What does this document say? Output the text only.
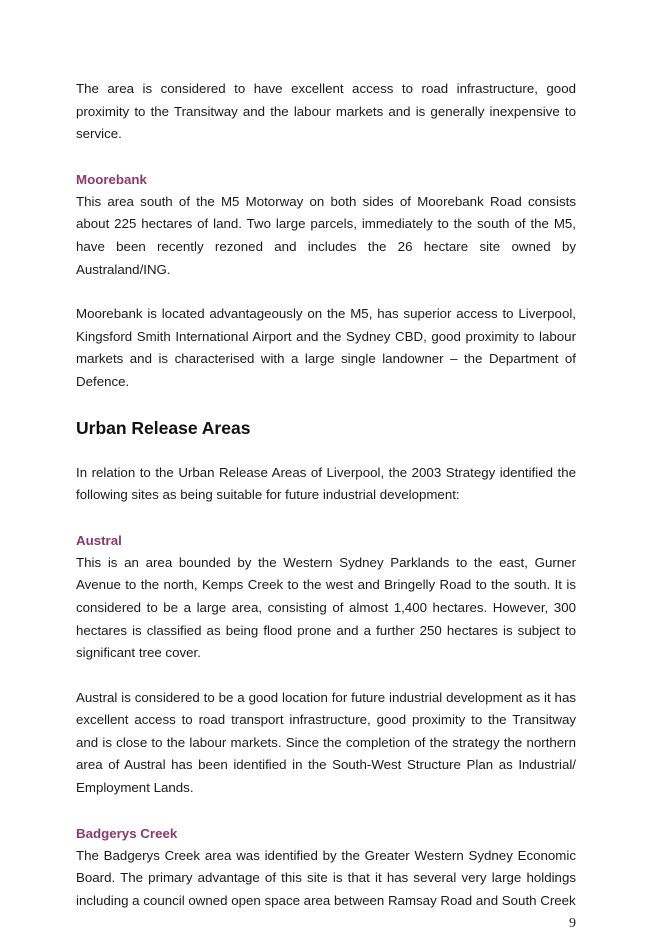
The area is considered to have excellent access to road infrastructure, good proximity to the Transitway and the labour markets and is generally inexpensive to service.

Moorebank

This area south of the M5 Motorway on both sides of Moorebank Road consists about 225 hectares of land. Two large parcels, immediately to the south of the M5, have been recently rezoned and includes the 26 hectare site owned by Australand/ING.

Moorebank is located advantageously on the M5, has superior access to Liverpool, Kingsford Smith International Airport and the Sydney CBD, good proximity to labour markets and is characterised with a large single landowner – the Department of Defence.

Urban Release Areas

In relation to the Urban Release Areas of Liverpool, the 2003 Strategy identified the following sites as being suitable for future industrial development:

Austral

This is an area bounded by the Western Sydney Parklands to the east, Gurner Avenue to the north, Kemps Creek to the west and Bringelly Road to the south. It is considered to be a large area, consisting of almost 1,400 hectares. However, 300 hectares is classified as being flood prone and a further 250 hectares is subject to significant tree cover.

Austral is considered to be a good location for future industrial development as it has excellent access to road transport infrastructure, good proximity to the Transitway and is close to the labour markets. Since the completion of the strategy the northern area of Austral has been identified in the South-West Structure Plan as Industrial/ Employment Lands.

Badgerys Creek

The Badgerys Creek area was identified by the Greater Western Sydney Economic Board. The primary advantage of this site is that it has several very large holdings including a council owned open space area between Ramsay Road and South Creek

9
